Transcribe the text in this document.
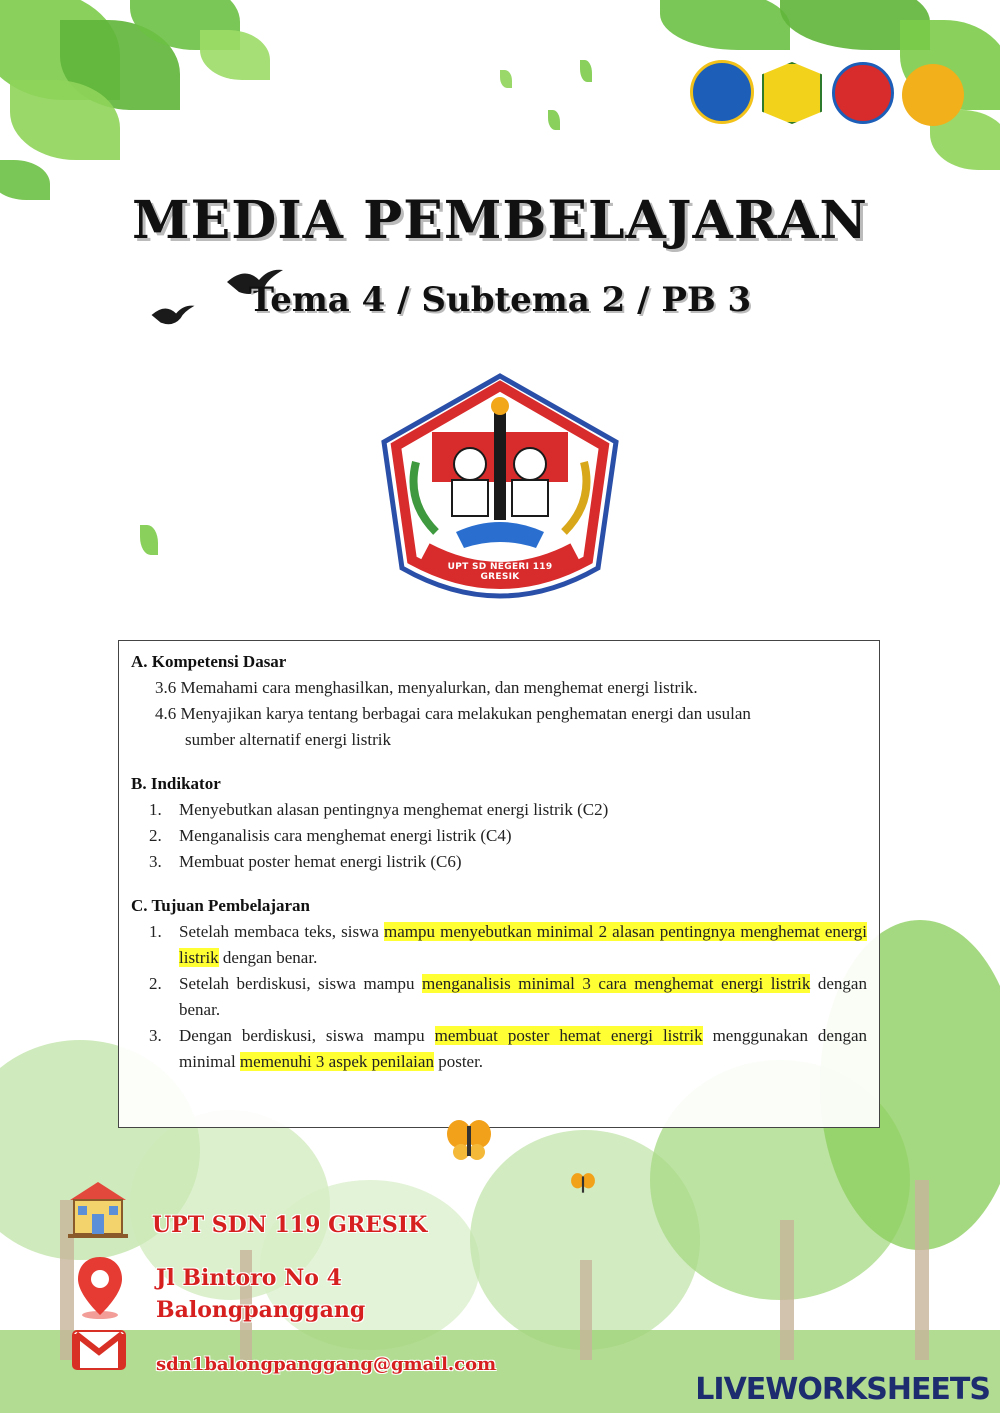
MEDIA PEMBELAJARAN
Tema 4 / Subtema 2 / PB 3
UPT SD NEGERI 119 GRESIK
A. Kompetensi Dasar
3.6 Memahami cara menghasilkan, menyalurkan, dan menghemat energi listrik.
4.6 Menyajikan karya tentang berbagai cara melakukan penghematan energi dan usulan
sumber alternatif energi listrik
B. Indikator
1. Menyebutkan alasan pentingnya menghemat energi listrik (C2)
2. Menganalisis cara menghemat energi listrik (C4)
3. Membuat poster hemat energi listrik (C6)
C. Tujuan Pembelajaran
1. Setelah membaca teks, siswa mampu menyebutkan minimal 2 alasan pentingnya menghemat energi listrik dengan benar.
2. Setelah berdiskusi, siswa mampu menganalisis minimal 3 cara menghemat energi listrik dengan benar.
3. Dengan berdiskusi, siswa mampu membuat poster hemat energi listrik menggunakan dengan minimal memenuhi 3 aspek penilaian poster.
UPT SDN 119 GRESIK
Jl Bintoro No 4
Balongpanggang
sdn1balongpanggang@gmail.com
LIVEWORKSHEETS
